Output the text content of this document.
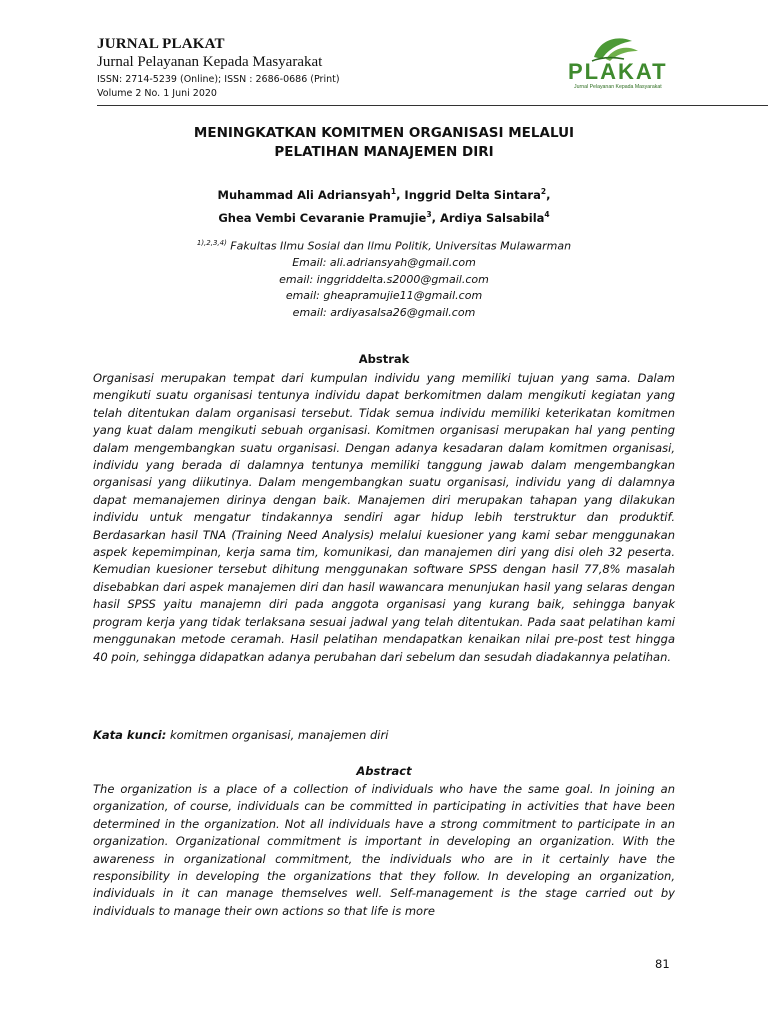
JURNAL PLAKAT
Jurnal Pelayanan Kepada Masyarakat
ISSN: 2714-5239 (Online); ISSN : 2686-0686 (Print)
Volume 2 No. 1 Juni 2020
PLAKAT
Jurnal Pelayanan Kepada Masyarakat
MENINGKATKAN KOMITMEN ORGANISASI MELALUI
PELATIHAN MANAJEMEN DIRI
Muhammad Ali Adriansyah$^1$, Inggrid Delta Sintara$^2$,
Ghea Vembi Cevaranie Pramujie$^3$, Ardiya Salsabila$^4$
$^{1),2,3,4)}$ Fakultas Ilmu Sosial dan Ilmu Politik, Universitas Mulawarman
Email: ali.adriansyah@gmail.com
email: inggriddelta.s2000@gmail.com
email: gheapramujie11@gmail.com
email: ardiyasalsa26@gmail.com
Abstrak
Organisasi merupakan tempat dari kumpulan individu yang memiliki tujuan yang sama. Dalam mengikuti suatu organisasi tentunya individu dapat berkomitmen dalam mengikuti kegiatan yang telah ditentukan dalam organisasi tersebut. Tidak semua individu memiliki keterikatan komitmen yang kuat dalam mengikuti sebuah organisasi. Komitmen organisasi merupakan hal yang penting dalam mengembangkan suatu organisasi. Dengan adanya kesadaran dalam komitmen organisasi, individu yang berada di dalamnya tentunya memiliki tanggung jawab dalam mengembangkan organisasi yang diikutinya. Dalam mengembangkan suatu organisasi, individu yang di dalamnya dapat memanajemen dirinya dengan baik. Manajemen diri merupakan tahapan yang dilakukan individu untuk mengatur tindakannya sendiri agar hidup lebih terstruktur dan produktif. Berdasarkan hasil TNA (Training Need Analysis) melalui kuesioner yang kami sebar menggunakan aspek kepemimpinan, kerja sama tim, komunikasi, dan manajemen diri yang disi oleh 32 peserta. Kemudian kuesioner tersebut dihitung menggunakan software SPSS dengan hasil 77,8% masalah disebabkan dari aspek manajemen diri dan hasil wawancara menunjukan hasil yang selaras dengan hasil SPSS yaitu manajemn diri pada anggota organisasi yang kurang baik, sehingga banyak program kerja yang tidak terlaksana sesuai jadwal yang telah ditentukan. Pada saat pelatihan kami menggunakan metode ceramah. Hasil pelatihan mendapatkan kenaikan nilai pre-post test hingga 40 poin, sehingga didapatkan adanya perubahan dari sebelum dan sesudah diadakannya pelatihan.
Kata kunci: komitmen organisasi, manajemen diri
Abstract
The organization is a place of a collection of individuals who have the same goal. In joining an organization, of course, individuals can be committed in participating in activities that have been determined in the organization. Not all individuals have a strong commitment to participate in an organization. Organizational commitment is important in developing an organization. With the awareness in organizational commitment, the individuals who are in it certainly have the responsibility in developing the organizations that they follow. In developing an organization, individuals in it can manage themselves well. Self-management is the stage carried out by individuals to manage their own actions so that life is more
81
